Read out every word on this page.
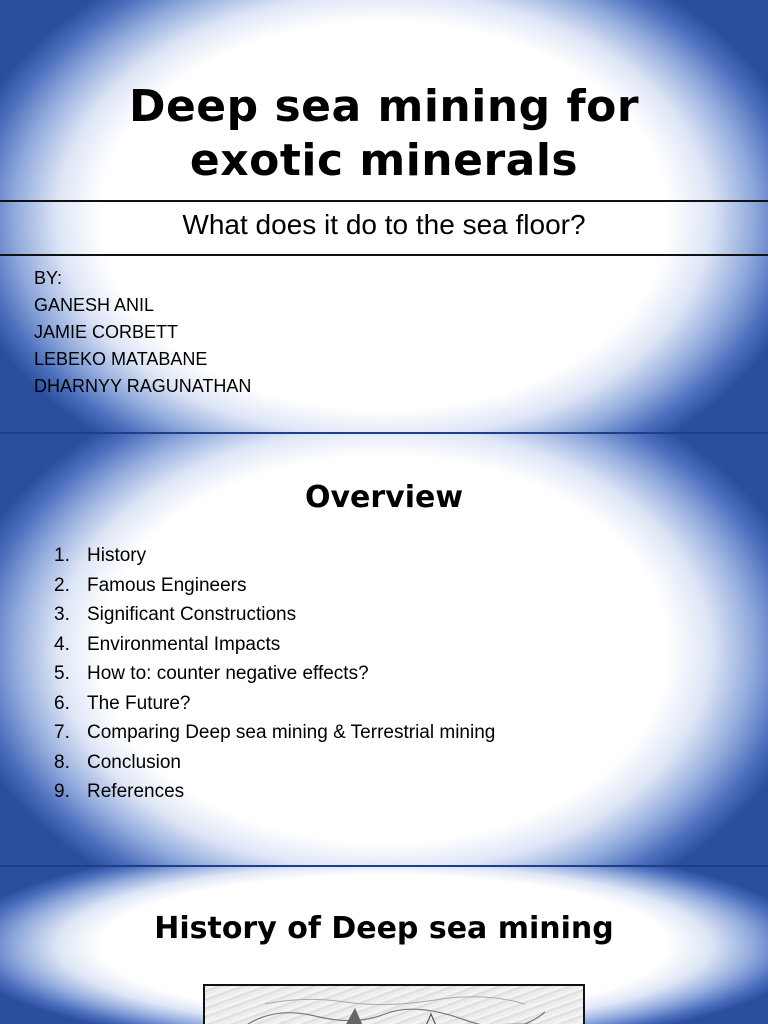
Deep sea mining for
exotic minerals

What does it do to the sea floor?

BY:
GANESH ANIL
JAMIE CORBETT
LEBEKO MATABANE
DHARNYY RAGUNATHAN
Overview
1. History
2. Famous Engineers
3. Significant Constructions
4. Environmental Impacts
5. How to: counter negative effects?
6. The Future?
7. Comparing Deep sea mining & Terrestrial mining
8. Conclusion
9. References
History of Deep sea mining
